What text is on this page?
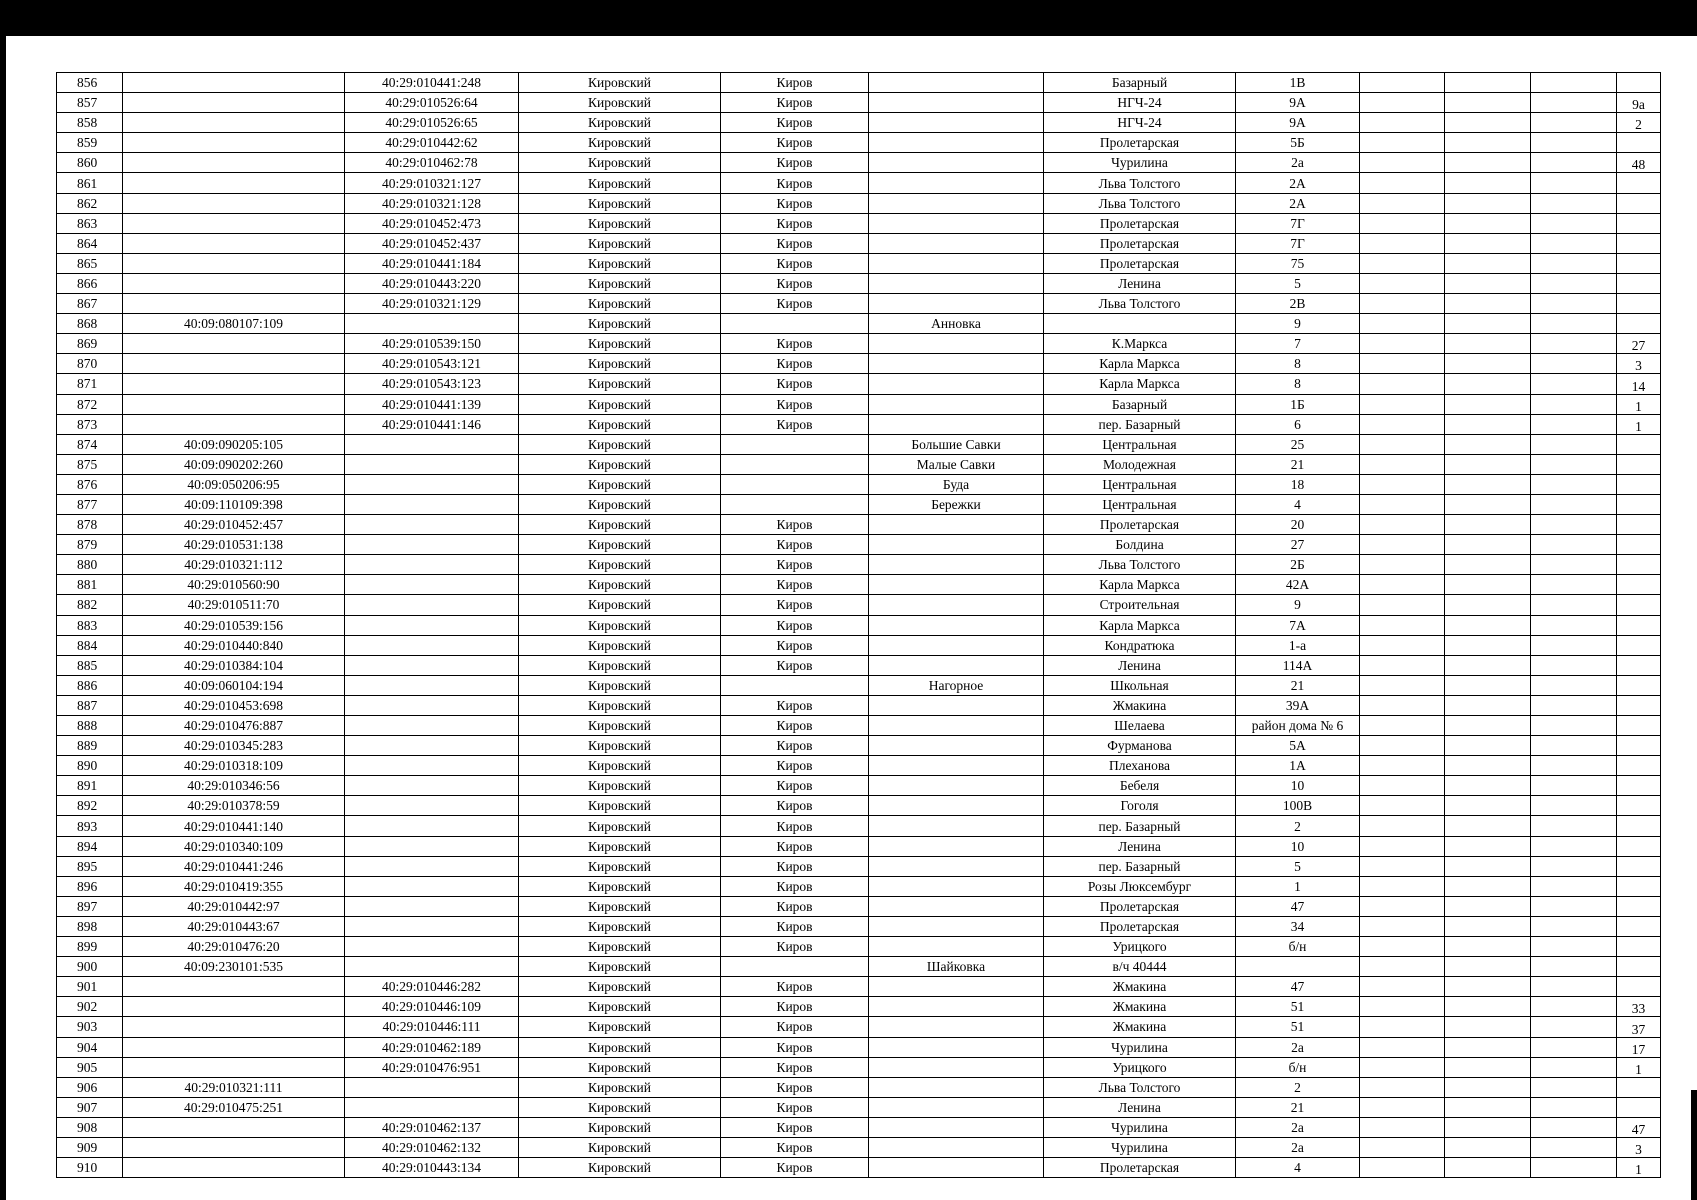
856		40:29:010441:248	Кировский	Киров		Базарный	1В				
857		40:29:010526:64	Кировский	Киров		НГЧ-24	9А				9а
858		40:29:010526:65	Кировский	Киров		НГЧ-24	9А				2
859		40:29:010442:62	Кировский	Киров		Пролетарская	5Б				
860		40:29:010462:78	Кировский	Киров		Чурилина	2а				48
861		40:29:010321:127	Кировский	Киров		Льва Толстого	2А				
862		40:29:010321:128	Кировский	Киров		Льва Толстого	2А				
863		40:29:010452:473	Кировский	Киров		Пролетарская	7Г				
864		40:29:010452:437	Кировский	Киров		Пролетарская	7Г				
865		40:29:010441:184	Кировский	Киров		Пролетарская	75				
866		40:29:010443:220	Кировский	Киров		Ленина	5				
867		40:29:010321:129	Кировский	Киров		Льва Толстого	2В				
868	40:09:080107:109		Кировский		Анновка		9				
869		40:29:010539:150	Кировский	Киров		К.Маркса	7				27
870		40:29:010543:121	Кировский	Киров		Карла Маркса	8				3
871		40:29:010543:123	Кировский	Киров		Карла Маркса	8				14
872		40:29:010441:139	Кировский	Киров		Базарный	1Б				1
873		40:29:010441:146	Кировский	Киров		пер. Базарный	6				1
874	40:09:090205:105		Кировский		Большие Савки	Центральная	25				
875	40:09:090202:260		Кировский		Малые Савки	Молодежная	21				
876	40:09:050206:95		Кировский		Буда	Центральная	18				
877	40:09:110109:398		Кировский		Бережки	Центральная	4				
878	40:29:010452:457		Кировский	Киров		Пролетарская	20				
879	40:29:010531:138		Кировский	Киров		Болдина	27				
880	40:29:010321:112		Кировский	Киров		Льва Толстого	2Б				
881	40:29:010560:90		Кировский	Киров		Карла Маркса	42А				
882	40:29:010511:70		Кировский	Киров		Строительная	9				
883	40:29:010539:156		Кировский	Киров		Карла Маркса	7А				
884	40:29:010440:840		Кировский	Киров		Кондратюка	1-а				
885	40:29:010384:104		Кировский	Киров		Ленина	114А				
886	40:09:060104:194		Кировский		Нагорное	Школьная	21				
887	40:29:010453:698		Кировский	Киров		Жмакина	39А				
888	40:29:010476:887		Кировский	Киров		Шелаева	район дома № 6				
889	40:29:010345:283		Кировский	Киров		Фурманова	5А				
890	40:29:010318:109		Кировский	Киров		Плеханова	1А				
891	40:29:010346:56		Кировский	Киров		Бебеля	10				
892	40:29:010378:59		Кировский	Киров		Гоголя	100В				
893	40:29:010441:140		Кировский	Киров		пер. Базарный	2				
894	40:29:010340:109		Кировский	Киров		Ленина	10				
895	40:29:010441:246		Кировский	Киров		пер. Базарный	5				
896	40:29:010419:355		Кировский	Киров		Розы Люксембург	1				
897	40:29:010442:97		Кировский	Киров		Пролетарская	47				
898	40:29:010443:67		Кировский	Киров		Пролетарская	34				
899	40:29:010476:20		Кировский	Киров		Урицкого	б/н				
900	40:09:230101:535		Кировский		Шайковка	в/ч 40444					
901		40:29:010446:282	Кировский	Киров		Жмакина	47				
902		40:29:010446:109	Кировский	Киров		Жмакина	51				33
903		40:29:010446:111	Кировский	Киров		Жмакина	51				37
904		40:29:010462:189	Кировский	Киров		Чурилина	2а				17
905		40:29:010476:951	Кировский	Киров		Урицкого	б/н				1
906	40:29:010321:111		Кировский	Киров		Льва Толстого	2				
907	40:29:010475:251		Кировский	Киров		Ленина	21				
908		40:29:010462:137	Кировский	Киров		Чурилина	2а				47
909		40:29:010462:132	Кировский	Киров		Чурилина	2а				3
910		40:29:010443:134	Кировский	Киров		Пролетарская	4				1
